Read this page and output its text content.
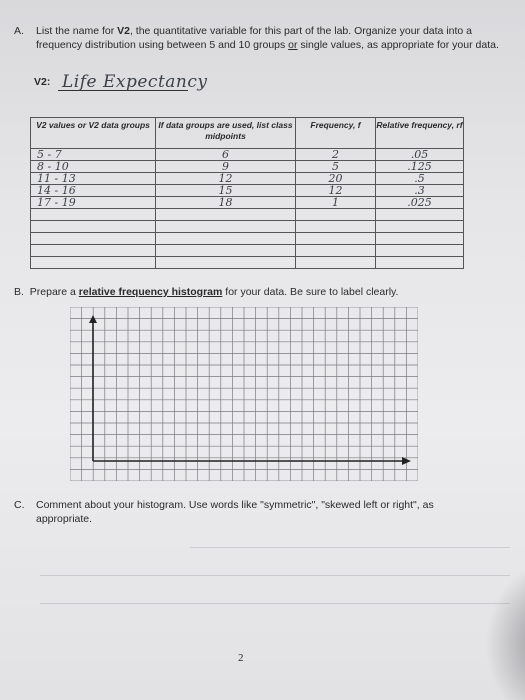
A. List the name for V2, the quantitative variable for this part of the lab. Organize your data into a frequency distribution using between 5 and 10 groups or single values, as appropriate for your data.
V2: Life Expectancy
V2 values or V2 data groups	If data groups are used, list class midpoints	Frequency, f	Relative frequency, rf
5 - 7	6	2	.05
8 - 10	9	5	.125
11 - 13	12	20	.5
14 - 16	15	12	.3
17 - 19	18	1	.025

B. Prepare a relative frequency histogram for your data. Be sure to label clearly.
C. Comment about your histogram. Use words like "symmetric", "skewed left or right", as appropriate.
2
